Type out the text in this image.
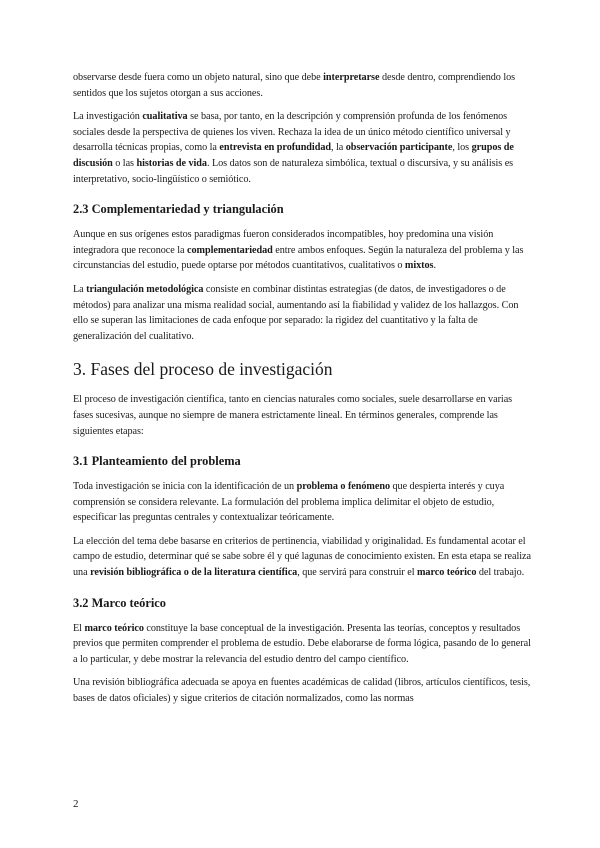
observarse desde fuera como un objeto natural, sino que debe interpretarse desde dentro, comprendiendo los sentidos que los sujetos otorgan a sus acciones.

La investigación cualitativa se basa, por tanto, en la descripción y comprensión profunda de los fenómenos sociales desde la perspectiva de quienes los viven. Rechaza la idea de un único método científico universal y desarrolla técnicas propias, como la entrevista en profundidad, la observación participante, los grupos de discusión o las historias de vida. Los datos son de naturaleza simbólica, textual o discursiva, y su análisis es interpretativo, socio-lingüístico o semiótico.

2.3 Complementariedad y triangulación

Aunque en sus orígenes estos paradigmas fueron considerados incompatibles, hoy predomina una visión integradora que reconoce la complementariedad entre ambos enfoques. Según la naturaleza del problema y las circunstancias del estudio, puede optarse por métodos cuantitativos, cualitativos o mixtos.

La triangulación metodológica consiste en combinar distintas estrategias (de datos, de investigadores o de métodos) para analizar una misma realidad social, aumentando así la fiabilidad y validez de los hallazgos. Con ello se superan las limitaciones de cada enfoque por separado: la rigidez del cuantitativo y la falta de generalización del cualitativo.

3. Fases del proceso de investigación

El proceso de investigación científica, tanto en ciencias naturales como sociales, suele desarrollarse en varias fases sucesivas, aunque no siempre de manera estrictamente lineal. En términos generales, comprende las siguientes etapas:

3.1 Planteamiento del problema

Toda investigación se inicia con la identificación de un problema o fenómeno que despierta interés y cuya comprensión se considera relevante. La formulación del problema implica delimitar el objeto de estudio, especificar las preguntas centrales y contextualizar teóricamente.

La elección del tema debe basarse en criterios de pertinencia, viabilidad y originalidad. Es fundamental acotar el campo de estudio, determinar qué se sabe sobre él y qué lagunas de conocimiento existen. En esta etapa se realiza una revisión bibliográfica o de la literatura científica, que servirá para construir el marco teórico del trabajo.

3.2 Marco teórico

El marco teórico constituye la base conceptual de la investigación. Presenta las teorías, conceptos y resultados previos que permiten comprender el problema de estudio. Debe elaborarse de forma lógica, pasando de lo general a lo particular, y debe mostrar la relevancia del estudio dentro del campo científico.

Una revisión bibliográfica adecuada se apoya en fuentes académicas de calidad (libros, artículos científicos, tesis, bases de datos oficiales) y sigue criterios de citación normalizados, como las normas

2
